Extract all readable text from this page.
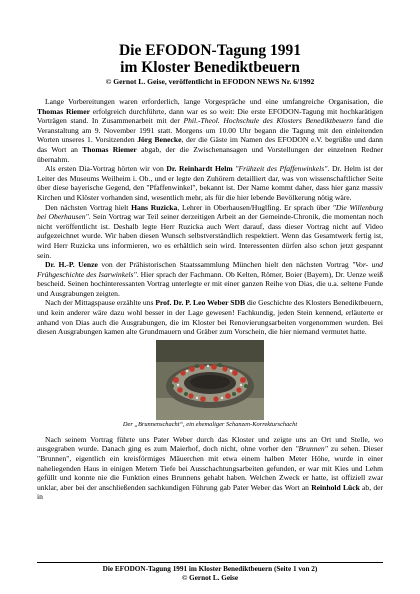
Die EFODON-Tagung 1991
im Kloster Benediktbeuern
© Gernot L. Geise, veröffentlicht in EFODON NEWS Nr. 6/1992

Lange Vorbereitungen waren erforderlich, lange Vorgespräche und eine umfangreiche Organisation, die Thomas Riemer erfolgreich durchführte, dann war es so weit: Die erste EFODON-Tagung mit hochkarätigen Vorträgen stand. In Zusammenarbeit mit der Phil.-Theol. Hochschule des Klosters Benediktbeuern fand die Veranstaltung am 9. November 1991 statt. Morgens um 10.00 Uhr begann die Tagung mit den einleitenden Worten unseres 1. Vorsitzenden Jörg Benecke, der die Gäste im Namen des EFODON e.V. begrüßte und dann das Wort an Thomas Riemer abgab, der die Zwischenansagen und Vorstellungen der einzelnen Redner übernahm.

Als ersten Dia-Vortrag hörten wir von Dr. Reinhardt Helm "Frühzeit des Pfaffenwinkels". Dr. Helm ist der Leiter des Museums Weilheim i. Ob., und er legte den Zuhörern detailliert dar, was von wissenschaftlicher Seite über diese bayerische Gegend, den "Pfaffenwinkel", bekannt ist. Der Name kommt daher, dass hier ganz massiv Kirchen und Klöster vorhanden sind, wesentlich mehr, als für die hier lebende Bevölkerung nötig wäre.

Den nächsten Vortrag hielt Hans Ruzicka, Lehrer in Oberhausen/Huglfing. Er sprach über "Die Willenburg bei Oberhausen". Sein Vortrag war Teil seiner derzeitigen Arbeit an der Gemeinde-Chronik, die momentan noch nicht veröffentlicht ist. Deshalb legte Herr Ruzicka auch Wert darauf, dass dieser Vortrag nicht auf Video aufgezeichnet wurde. Wir haben diesen Wunsch selbstverständlich respektiert. Wenn das Gesamtwerk fertig ist, wird Herr Ruzicka uns informieren, wo es erhältlich sein wird. Interessenten dürfen also schon jetzt gespannt sein.

Dr. H.-P. Uenze von der Prähistorischen Staatssammlung München hielt den nächsten Vortrag "Vor- und Frühgeschichte des Isarwinkels". Hier sprach der Fachmann. Ob Kelten, Römer, Boier (Bayern), Dr. Uenze weiß bescheid. Seinen hochinteressanten Vortrag unterlegte er mit einer ganzen Reihe von Dias, die u.a. seltene Funde und Ausgrabungen zeigten.

Nach der Mittagspause erzählte uns Prof. Dr. P. Leo Weber SDB die Geschichte des Klosters Benediktbeuern, und kein anderer wäre dazu wohl besser in der Lage gewesen! Fachkundig, jeden Stein kennend, erläuterte er anhand von Dias auch die Ausgrabungen, die im Kloster bei Renovierungsarbeiten vorgenommen wurden. Bei diesen Ausgrabungen kamen alte Grundmauern und Gräber zum Vorschein, die hier niemand vermutet hatte.

Der „Brunnenschacht“, ein ehemaliger Schanzen-Korrekturschacht

Nach seinem Vortrag führte uns Pater Weber durch das Kloster und zeigte uns an Ort und Stelle, wo ausgegraben wurde. Danach ging es zum Maierhof, doch nicht, ohne vorher den "Brunnen" zu sehen. Dieser "Brunnen", eigentlich ein kreisförmiges Mäuerchen mit etwa einem halben Meter Höhe, wurde in einer naheliegenden Haus in einigen Metern Tiefe bei Ausschachtungsarbeiten gefunden, er war mit Kies und Lehm gefüllt und konnte nie die Funktion eines Brunnens gehabt haben. Welchen Zweck er hatte, ist offiziell zwar unklar, aber bei der anschließenden sachkundigen Führung gab Pater Weber das Wort an Reinhold Lück ab, der in

Die EFODON-Tagung 1991 im Kloster Benediktbeuern (Seite 1 von 2)
© Gernot L. Geise
